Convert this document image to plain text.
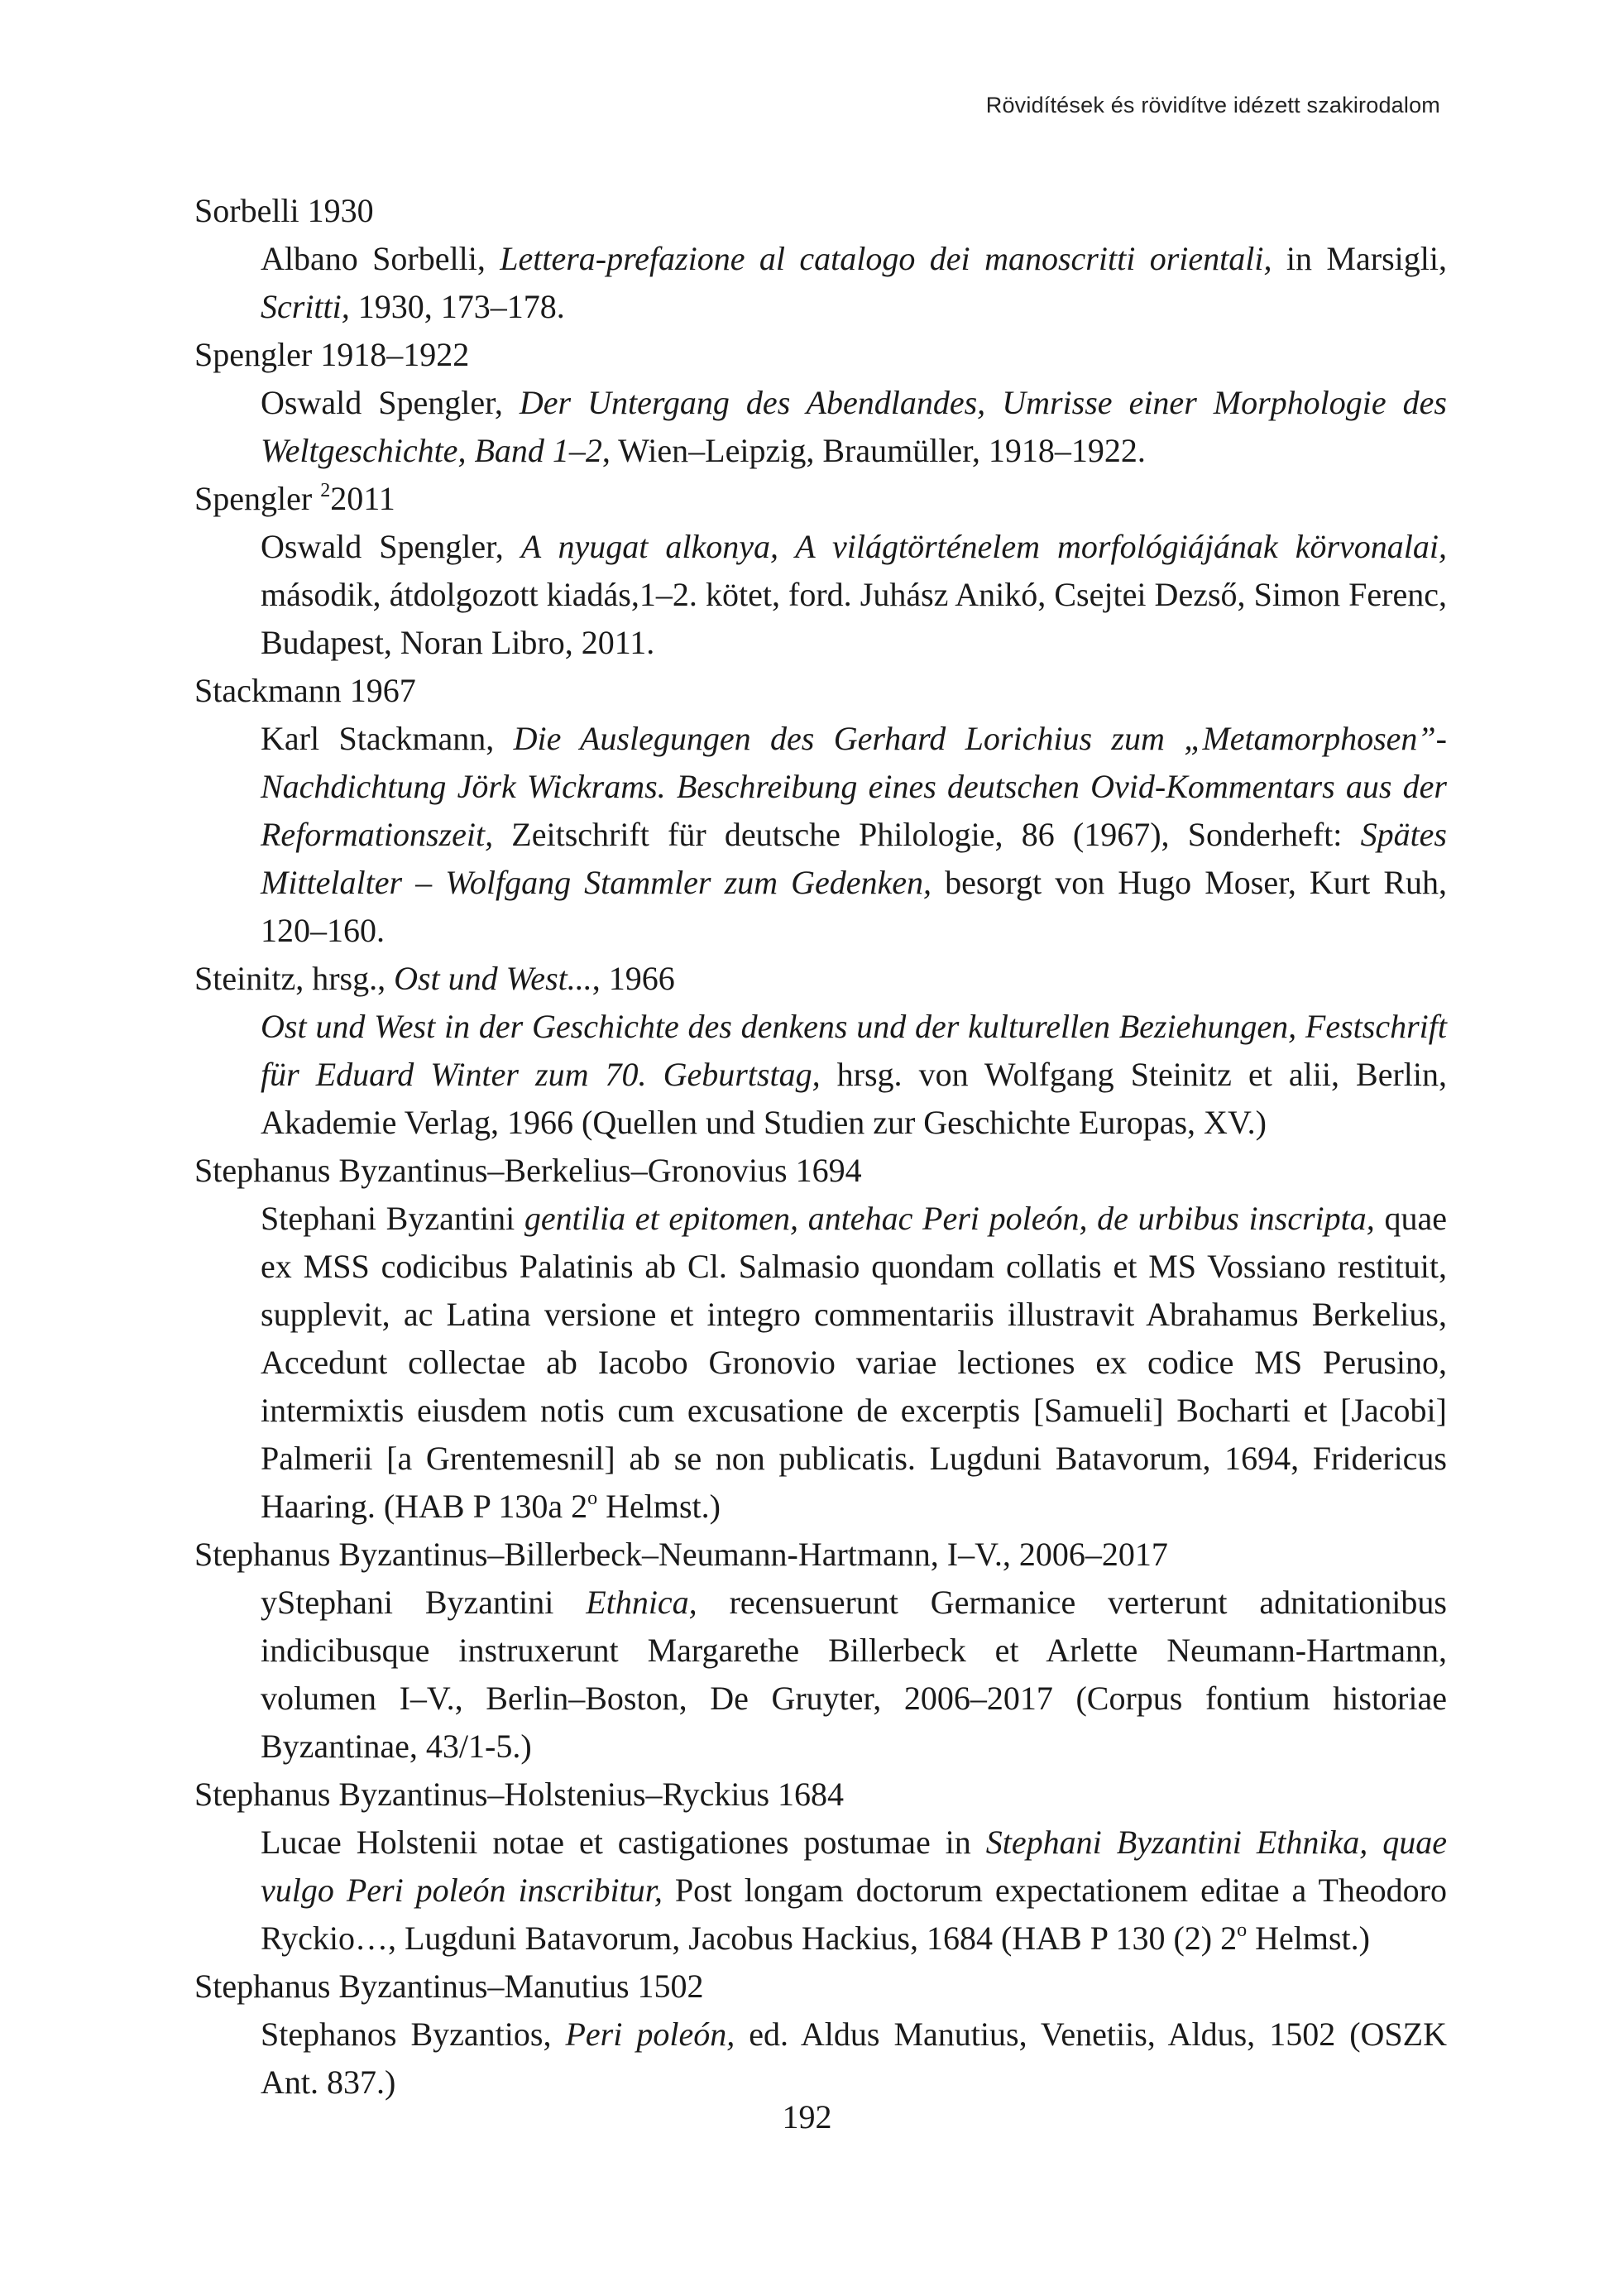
Rövidítések és rövidítve idézett szakirodalom
Sorbelli 1930
Albano Sorbelli, Lettera-prefazione al catalogo dei manoscritti orientali, in Marsigli, Scritti, 1930, 173–178.
Spengler 1918–1922
Oswald Spengler, Der Untergang des Abendlandes, Umrisse einer Morphologie des Weltgeschichte, Band 1–2, Wien–Leipzig, Braumüller, 1918–1922.
Spengler $^2$2011
Oswald Spengler, A nyugat alkonya, A világtörténelem morfológiájának körvonalai, második, átdolgozott kiadás,1–2. kötet, ford. Juhász Anikó, Csejtei Dezső, Simon Ferenc, Budapest, Noran Libro, 2011.
Stackmann 1967
Karl Stackmann, Die Auslegungen des Gerhard Lorichius zum „Metamorphosen”-Nachdichtung Jörk Wickrams. Beschreibung eines deutschen Ovid-Kommentars aus der Reformationszeit, Zeitschrift für deutsche Philologie, 86 (1967), Sonderheft: Spätes Mittelalter – Wolfgang Stammler zum Gedenken, besorgt von Hugo Moser, Kurt Ruh, 120–160.
Steinitz, hrsg., Ost und West..., 1966
Ost und West in der Geschichte des denkens und der kulturellen Beziehungen, Festschrift für Eduard Winter zum 70. Geburtstag, hrsg. von Wolfgang Steinitz et alii, Berlin, Akademie Verlag, 1966 (Quellen und Studien zur Geschichte Europas, XV.)
Stephanus Byzantinus–Berkelius–Gronovius 1694
Stephani Byzantini gentilia et epitomen, antehac Peri poleón, de urbibus inscripta, quae ex MSS codicibus Palatinis ab Cl. Salmasio quondam collatis et MS Vossiano restituit, supplevit, ac Latina versione et integro commentariis illustravit Abrahamus Berkelius, Accedunt collectae ab Iacobo Gronovio variae lectiones ex codice MS Perusino, intermixtis eiusdem notis cum excusatione de excerptis [Samueli] Bocharti et [Jacobi] Palmerii [a Grentemesnil] ab se non publicatis. Lugduni Batavorum, 1694, Fridericus Haaring. (HAB P 130a 2$^o$ Helmst.)
Stephanus Byzantinus–Billerbeck–Neumann-Hartmann, I–V., 2006–2017
yStephani Byzantini Ethnica, recensuerunt Germanice verterunt adnitationibus indicibusque instruxerunt Margarethe Billerbeck et Arlette Neumann-Hartmann, volumen I–V., Berlin–Boston, De Gruyter, 2006–2017 (Corpus fontium historiae Byzantinae, 43/1-5.)
Stephanus Byzantinus–Holstenius–Ryckius 1684
Lucae Holstenii notae et castigationes postumae in Stephani Byzantini Ethnika, quae vulgo Peri poleón inscribitur, Post longam doctorum expectationem editae a Theodoro Ryckio…, Lugduni Batavorum, Jacobus Hackius, 1684 (HAB P 130 (2) 2$^o$ Helmst.)
Stephanus Byzantinus–Manutius 1502
Stephanos Byzantios, Peri poleón, ed. Aldus Manutius, Venetiis, Aldus, 1502 (OSZK Ant. 837.)
192
